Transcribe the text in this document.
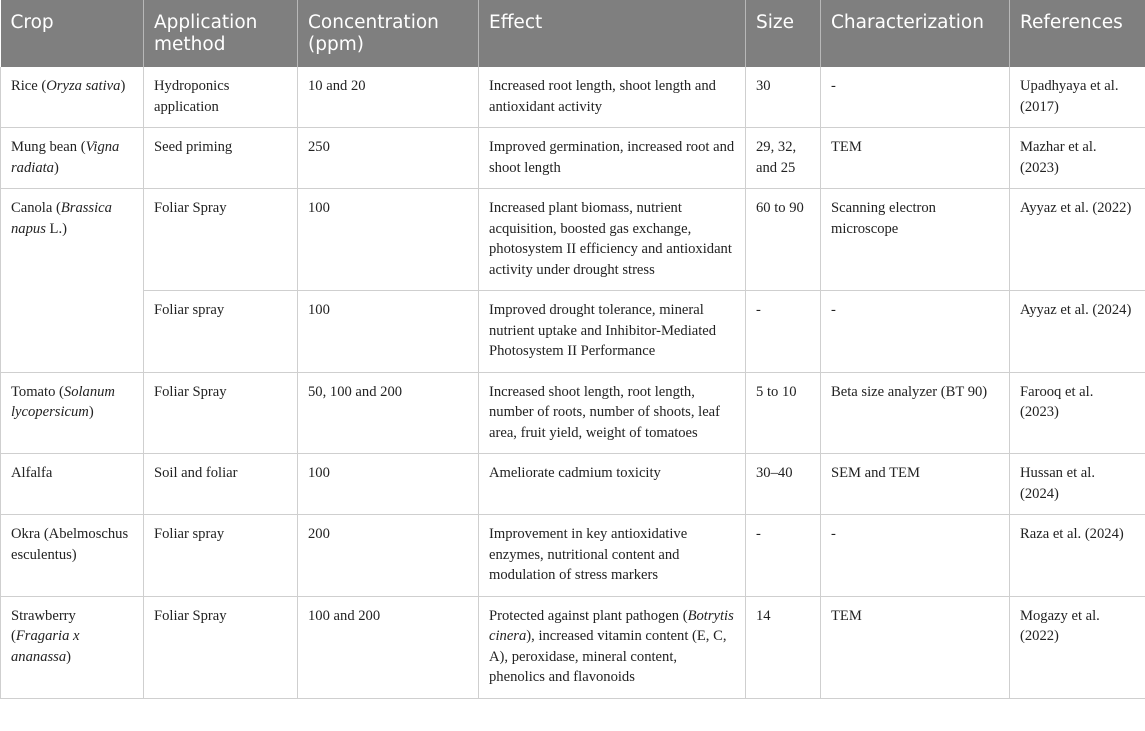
Crop	Application method	Concentration (ppm)	Effect	Size	Characterization	References
Rice (Oryza sativa)	Hydroponics application	10 and 20	Increased root length, shoot length and antioxidant activity	30	-	Upadhyaya et al. (2017)
Mung bean (Vigna radiata)	Seed priming	250	Improved germination, increased root and shoot length	29, 32, and 25	TEM	Mazhar et al. (2023)
Canola (Brassica napus L.)	Foliar Spray	100	Increased plant biomass, nutrient acquisition, boosted gas exchange, photosystem II efficiency and antioxidant activity under drought stress	60 to 90	Scanning electron microscope	Ayyaz et al. (2022)
	Foliar spray	100	Improved drought tolerance, mineral nutrient uptake and Inhibitor-Mediated Photosystem II Performance	-	-	Ayyaz et al. (2024)
Tomato (Solanum lycopersicum)	Foliar Spray	50, 100 and 200	Increased shoot length, root length, number of roots, number of shoots, leaf area, fruit yield, weight of tomatoes	5 to 10	Beta size analyzer (BT 90)	Farooq et al. (2023)
Alfalfa	Soil and foliar	100	Ameliorate cadmium toxicity	30–40	SEM and TEM	Hussan et al. (2024)
Okra (Abelmoschus esculentus)	Foliar spray	200	Improvement in key antioxidative enzymes, nutritional content and modulation of stress markers	-	-	Raza et al. (2024)
Strawberry (Fragaria x ananassa)	Foliar Spray	100 and 200	Protected against plant pathogen (Botrytis cinera), increased vitamin content (E, C, A), peroxidase, mineral content, phenolics and flavonoids	14	TEM	Mogazy et al. (2022)
